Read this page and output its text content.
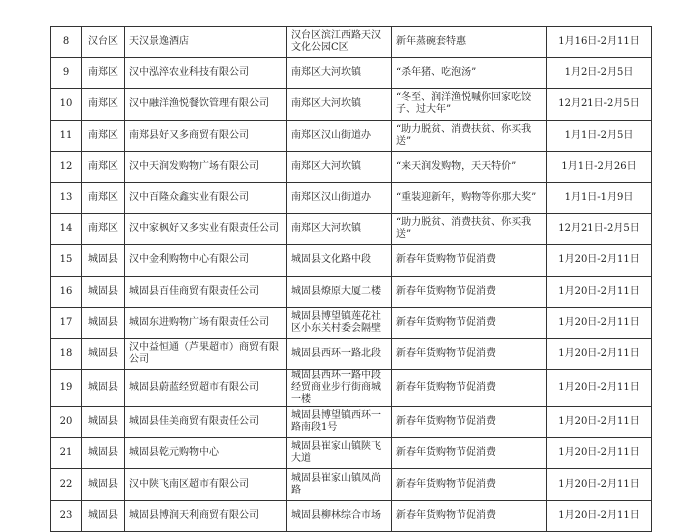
8	汉台区	天汉景逸酒店	汉台区滨江西路天汉文化公园C区	新年蒸碗套特惠	1月16日-2月11日
9	南郑区	汉中泓淬农业科技有限公司	南郑区大河坎镇	“杀年猪、吃泡汤”	1月2日-2月5日
10	南郑区	汉中融洋渔悦餐饮管理有限公司	南郑区大河坎镇	“冬至、润洋渔悦喊你回家吃饺子、过大年”	12月21日-2月5日
11	南郑区	南郑县好又多商贸有限公司	南郑区汉山街道办	“助力脱贫、消费扶贫、你买我送”	1月1日-2月5日
12	南郑区	汉中天润发购物广场有限公司	南郑区大河坎镇	“来天润发购物，天天特价”	1月1日-2月26日
13	南郑区	汉中百隆众鑫实业有限公司	南郑区汉山街道办	“重装迎新年，购物等你那大奖”	1月1日-1月9日
14	南郑区	汉中家枫好又多实业有限责任公司	南郑区大河坎镇	“助力脱贫、消费扶贫、你买我送”	12月21日-2月5日
15	城固县	汉中金利购物中心有限公司	城固县文化路中段	新春年货购物节促消费	1月20日-2月11日
16	城固县	城固县百佳商贸有限责任公司	城固县燎原大厦二楼	新春年货购物节促消费	1月20日-2月11日
17	城固县	城固东进购物广场有限责任公司	城固县博望镇莲花社区小东关村委会隔壁	新春年货购物节促消费	1月20日-2月11日
18	城固县	汉中益恒通（芦果超市）商贸有限公司	城固县西环一路北段	新春年货购物节促消费	1月20日-2月11日
19	城固县	城固县蔚蓝经贸超市有限公司	城固县西环一路中段经贸商业步行街商城一楼	新春年货购物节促消费	1月20日-2月11日
20	城固县	城固县佳美商贸有限责任公司	城固县博望镇西环一路南段1号	新春年货购物节促消费	1月20日-2月11日
21	城固县	城固县乾元购物中心	城固县崔家山镇陕飞大道	新春年货购物节促消费	1月20日-2月11日
22	城固县	汉中陕飞南区超市有限公司	城固县崔家山镇凤尚路	新春年货购物节促消费	1月20日-2月11日
23	城固县	城固县博润天利商贸有限公司	城固县柳林综合市场	新春年货购物节促消费	1月20日-2月11日
